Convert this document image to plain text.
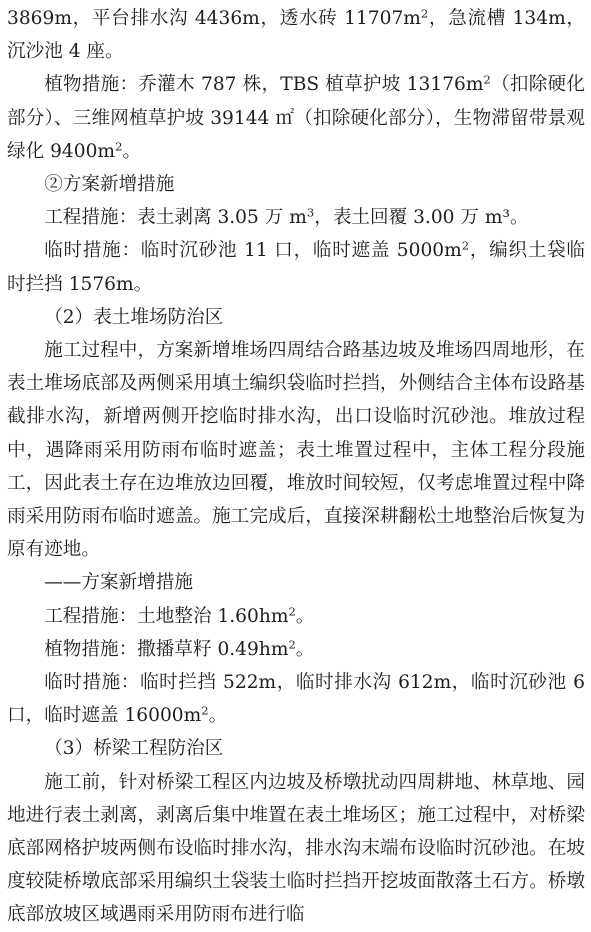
3869m，平台排水沟 4436m，透水砖 $11707m^2$，急流槽 134m，沉沙池 4 座。

植物措施：乔灌木 787 株，TBS 植草护坡 $13176m^2$（扣除硬化部分）、三维网植草护坡 39144 ㎡（扣除硬化部分），生物滞留带景观绿化 $9400m^2$。

②方案新增措施

工程措施：表土剥离 3.05 万 $m^3$，表土回覆 3.00 万 m³。

临时措施：临时沉砂池 11 口，临时遮盖 $5000m^2$，编织土袋临时拦挡 1576m。

（2）表土堆场防治区

施工过程中，方案新增堆场四周结合路基边坡及堆场四周地形，在表土堆场底部及两侧采用填土编织袋临时拦挡，外侧结合主体布设路基截排水沟，新增两侧开挖临时排水沟，出口设临时沉砂池。堆放过程中，遇降雨采用防雨布临时遮盖；表土堆置过程中，主体工程分段施工，因此表土存在边堆放边回覆，堆放时间较短，仅考虑堆置过程中降雨采用防雨布临时遮盖。施工完成后，直接深耕翻松土地整治后恢复为原有迹地。

——方案新增措施

工程措施：土地整治 $1.60hm^2$。

植物措施：撒播草籽 $0.49hm^2$。

临时措施：临时拦挡 522m，临时排水沟 612m，临时沉砂池 6 口，临时遮盖 $16000m^2$。

（3）桥梁工程防治区

施工前，针对桥梁工程区内边坡及桥墩扰动四周耕地、林草地、园地进行表土剥离，剥离后集中堆置在表土堆场区；施工过程中，对桥梁底部网格护坡两侧布设临时排水沟，排水沟末端布设临时沉砂池。在坡度较陡桥墩底部采用编织土袋装土临时拦挡开挖坡面散落土石方。桥墩底部放坡区域遇雨采用防雨布进行临
